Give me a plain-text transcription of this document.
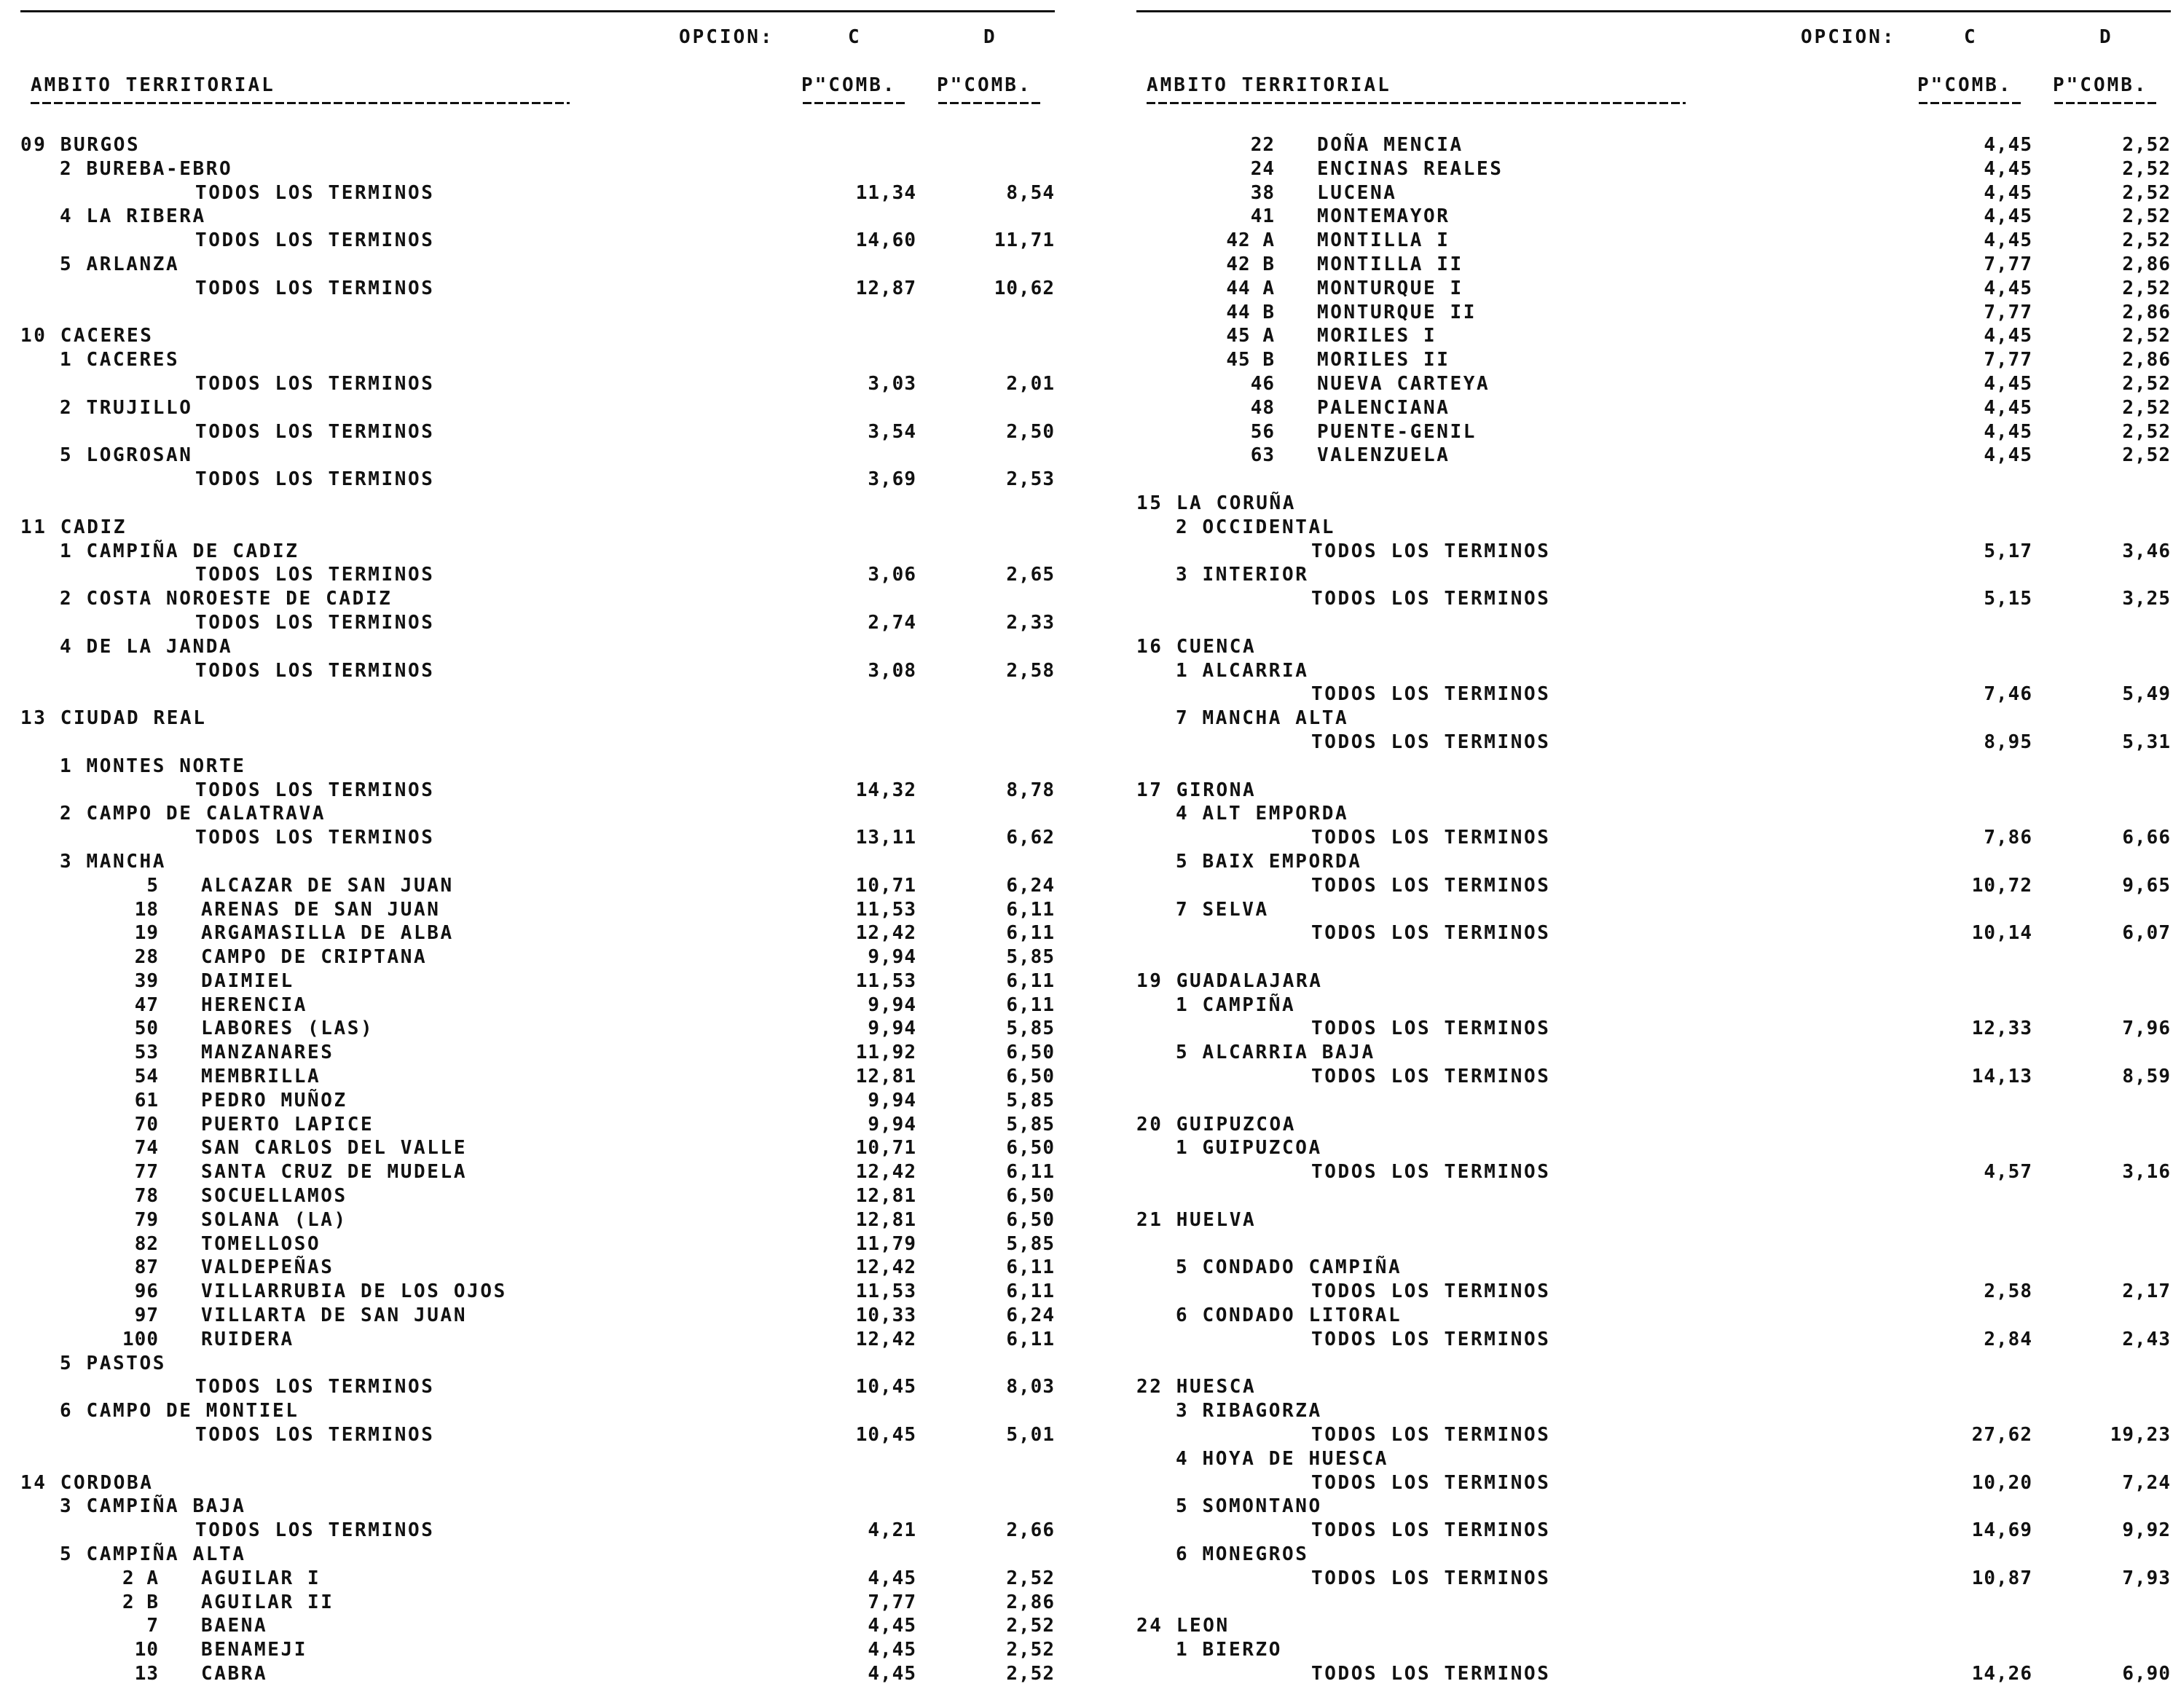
OPCION:	C	D
AMBITO TERRITORIAL	P"COMB. P"COMB.
09 BURGOS
2 BUREBA-EBRO
TODOS LOS TERMINOS	11,34	8,54
4 LA RIBERA
TODOS LOS TERMINOS	14,60	11,71
5 ARLANZA
TODOS LOS TERMINOS	12,87	10,62
10 CACERES
1 CACERES
TODOS LOS TERMINOS	3,03	2,01
2 TRUJILLO
TODOS LOS TERMINOS	3,54	2,50
5 LOGROSAN
TODOS LOS TERMINOS	3,69	2,53
11 CADIZ
1 CAMPIÑA DE CADIZ
TODOS LOS TERMINOS	3,06	2,65
2 COSTA NOROESTE DE CADIZ
TODOS LOS TERMINOS	2,74	2,33
4 DE LA JANDA
TODOS LOS TERMINOS	3,08	2,58
13 CIUDAD REAL
1 MONTES NORTE
TODOS LOS TERMINOS	14,32	8,78
2 CAMPO DE CALATRAVA
TODOS LOS TERMINOS	13,11	6,62
3 MANCHA
5 ALCAZAR DE SAN JUAN	10,71	6,24
18 ARENAS DE SAN JUAN	11,53	6,11
19 ARGAMASILLA DE ALBA	12,42	6,11
28 CAMPO DE CRIPTANA	9,94	5,85
39 DAIMIEL	11,53	6,11
47 HERENCIA	9,94	6,11
50 LABORES (LAS)	9,94	5,85
53 MANZANARES	11,92	6,50
54 MEMBRILLA	12,81	6,50
61 PEDRO MUÑOZ	9,94	5,85
70 PUERTO LAPICE	9,94	5,85
74 SAN CARLOS DEL VALLE	10,71	6,50
77 SANTA CRUZ DE MUDELA	12,42	6,11
78 SOCUELLAMOS	12,81	6,50
79 SOLANA (LA)	12,81	6,50
82 TOMELLOSO	11,79	5,85
87 VALDEPEÑAS	12,42	6,11
96 VILLARRUBIA DE LOS OJOS	11,53	6,11
97 VILLARTA DE SAN JUAN	10,33	6,24
100 RUIDERA	12,42	6,11
5 PASTOS
TODOS LOS TERMINOS	10,45	8,03
6 CAMPO DE MONTIEL
TODOS LOS TERMINOS	10,45	5,01
14 CORDOBA
3 CAMPIÑA BAJA
TODOS LOS TERMINOS	4,21	2,66
5 CAMPIÑA ALTA
2 A AGUILAR I	4,45	2,52
2 B AGUILAR II	7,77	2,86
7 BAENA	4,45	2,52
10 BENAMEJI	4,45	2,52
13 CABRA	4,45	2,52
OPCION:	C	D
AMBITO TERRITORIAL	P"COMB. P"COMB.
22 DOÑA MENCIA	4,45	2,52
24 ENCINAS REALES	4,45	2,52
38 LUCENA	4,45	2,52
41 MONTEMAYOR	4,45	2,52
42 A MONTILLA I	4,45	2,52
42 B MONTILLA II	7,77	2,86
44 A MONTURQUE I	4,45	2,52
44 B MONTURQUE II	7,77	2,86
45 A MORILES I	4,45	2,52
45 B MORILES II	7,77	2,86
46 NUEVA CARTEYA	4,45	2,52
48 PALENCIANA	4,45	2,52
56 PUENTE-GENIL	4,45	2,52
63 VALENZUELA	4,45	2,52
15 LA CORUÑA
2 OCCIDENTAL
TODOS LOS TERMINOS	5,17	3,46
3 INTERIOR
TODOS LOS TERMINOS	5,15	3,25
16 CUENCA
1 ALCARRIA
TODOS LOS TERMINOS	7,46	5,49
7 MANCHA ALTA
TODOS LOS TERMINOS	8,95	5,31
17 GIRONA
4 ALT EMPORDA
TODOS LOS TERMINOS	7,86	6,66
5 BAIX EMPORDA
TODOS LOS TERMINOS	10,72	9,65
7 SELVA
TODOS LOS TERMINOS	10,14	6,07
19 GUADALAJARA
1 CAMPIÑA
TODOS LOS TERMINOS	12,33	7,96
5 ALCARRIA BAJA
TODOS LOS TERMINOS	14,13	8,59
20 GUIPUZCOA
1 GUIPUZCOA
TODOS LOS TERMINOS	4,57	3,16
21 HUELVA
5 CONDADO CAMPIÑA
TODOS LOS TERMINOS	2,58	2,17
6 CONDADO LITORAL
TODOS LOS TERMINOS	2,84	2,43
22 HUESCA
3 RIBAGORZA
TODOS LOS TERMINOS	27,62	19,23
4 HOYA DE HUESCA
TODOS LOS TERMINOS	10,20	7,24
5 SOMONTANO
TODOS LOS TERMINOS	14,69	9,92
6 MONEGROS
TODOS LOS TERMINOS	10,87	7,93
24 LEON
1 BIERZO
TODOS LOS TERMINOS	14,26	6,90
